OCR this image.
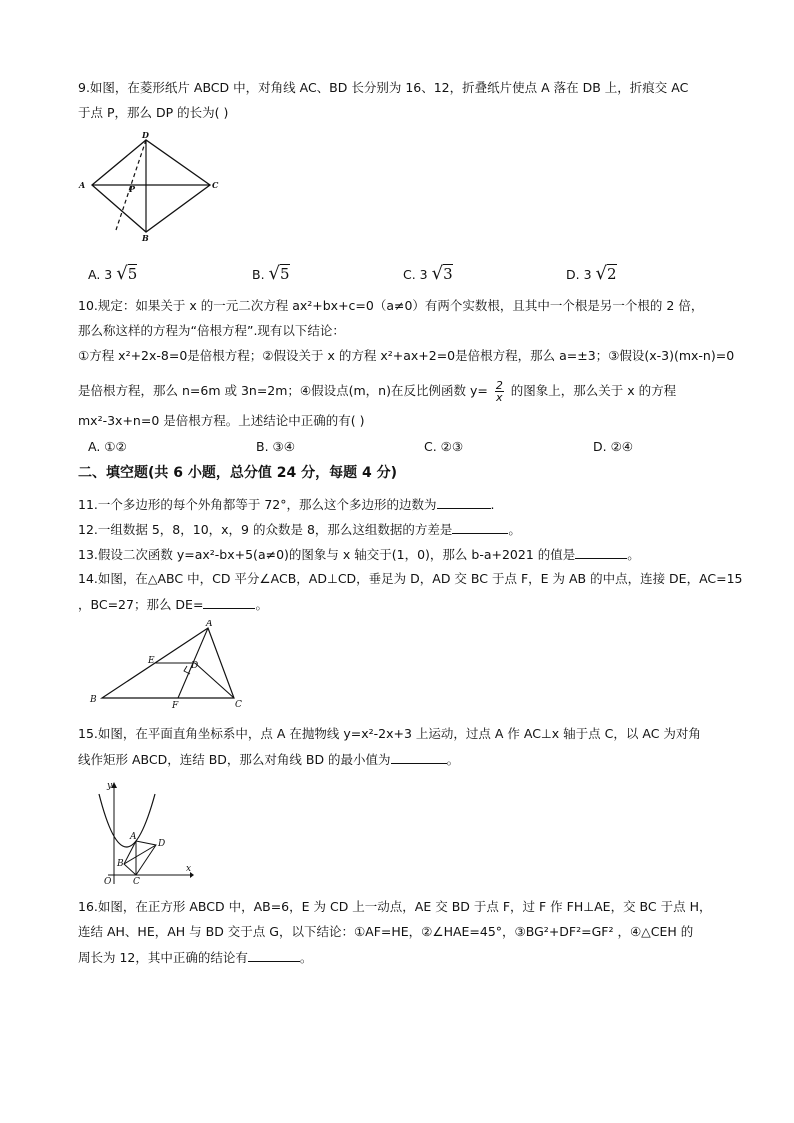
9.如图，在菱形纸片 ABCD 中，对角线 AC、BD 长分别为 16、12，折叠纸片使点 A 落在 DB 上，折痕交 AC
于点 P，那么 DP 的长为( )
D
A	C
B
P
A. 3 √5	B. √5	C. 3 √3	D. 3 √2
10.规定：如果关于 x 的一元二次方程 ax²+bx+c=0（a≠0）有两个实数根，且其中一个根是另一个根的 2 倍，
那么称这样的方程为“倍根方程”.现有以下结论：
①方程 x²+2x-8=0是倍根方程；②假设关于 x 的方程 x²+ax+2=0是倍根方程，那么 a=±3；③假设(x-3)(mx-n)=0
是倍根方程，那么 n=6m 或 3n=2m；④假设点(m，n)在反比例函数 $y= \frac{2}{x}$ 的图象上，那么关于 x 的方程
mx²-3x+n=0 是倍根方程。上述结论中正确的有( )
A. ①②	B. ③④	C. ②③	D. ②④
二、填空题(共 6 小题，总分值 24 分，每题 4 分)
11.一个多边形的每个外角都等于 72°，那么这个多边形的边数为	.
12.一组数据 5，8，10，x，9 的众数是 8，那么这组数据的方差是	。
13.假设二次函数 y=ax²-bx+5(a≠0)的图象与 x 轴交于(1，0)，那么 b-a+2021 的值是	。
14.如图，在△ABC 中，CD 平分∠ACB，AD⊥CD，垂足为 D，AD 交 BC 于点 F，E 为 AB 的中点，连接 DE，AC=15
，BC=27；那么 DE=	。
A
B	C
D
E
F
15.如图，在平面直角坐标系中，点 A 在抛物线 y=x²-2x+3 上运动，过点 A 作 AC⊥x 轴于点 C，以 AC 为对角
线作矩形 ABCD，连结 BD，那么对角线 BD 的最小值为	。
y
x
O
A
B
C
D
16.如图，在正方形 ABCD 中，AB=6，E 为 CD 上一动点，AE 交 BD 于点 F，过 F 作 FH⊥AE，交 BC 于点 H，
连结 AH、HE，AH 与 BD 交于点 G，以下结论：①AF=HE，②∠HAE=45°，③BG²+DF²=GF² ，④△CEH 的
周长为 12，其中正确的结论有	。
